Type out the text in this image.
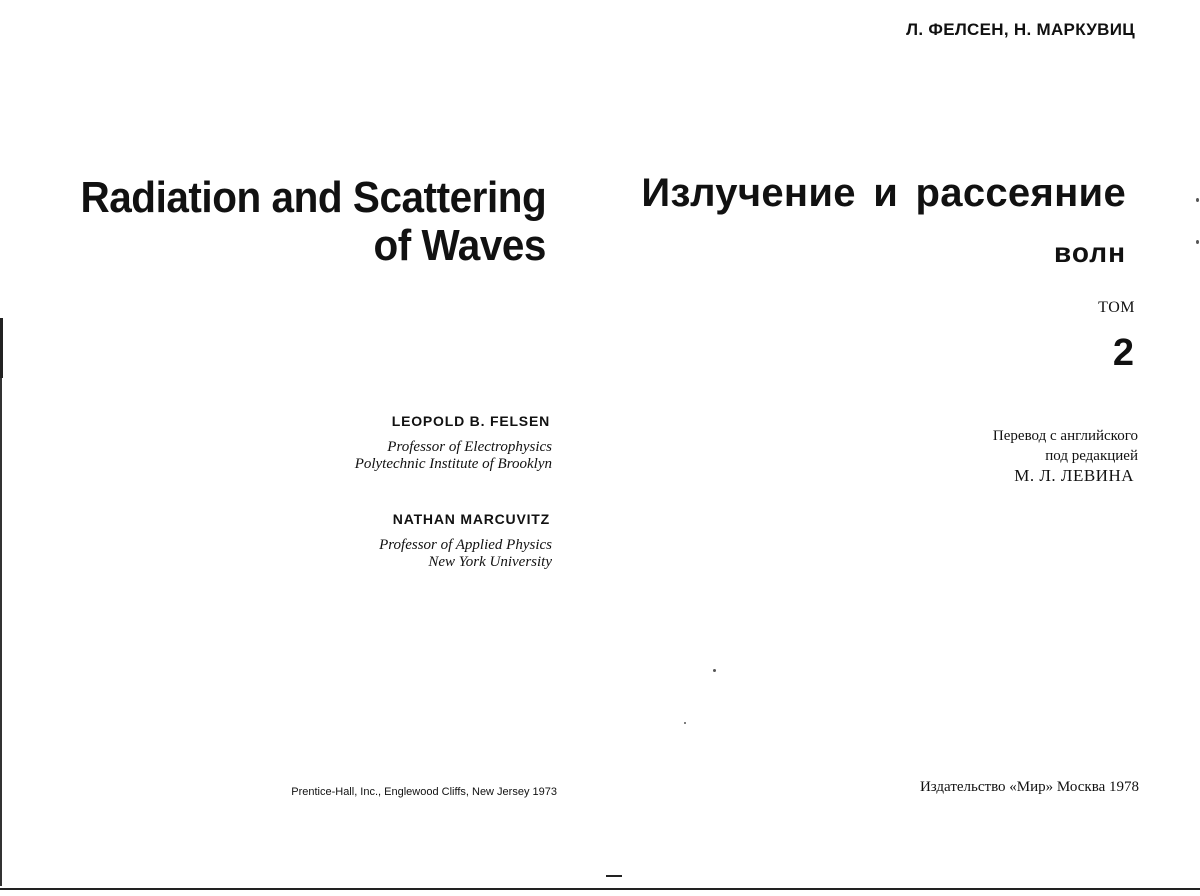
Radiation and Scattering
of Waves
LEOPOLD B. FELSEN
Professor of Electrophysics
Polytechnic Institute of Brooklyn
NATHAN MARCUVITZ
Professor of Applied Physics
New York University
Prentice-Hall, Inc., Englewood Cliffs, New Jersey 1973
Л. ФЕЛСЕН, Н. МАРКУВИЦ
Излучение и рассеяние
волн
ТОМ
2
Перевод с английского
под редакцией
М. Л. ЛЕВИНА
Издательство «Мир» Москва 1978
